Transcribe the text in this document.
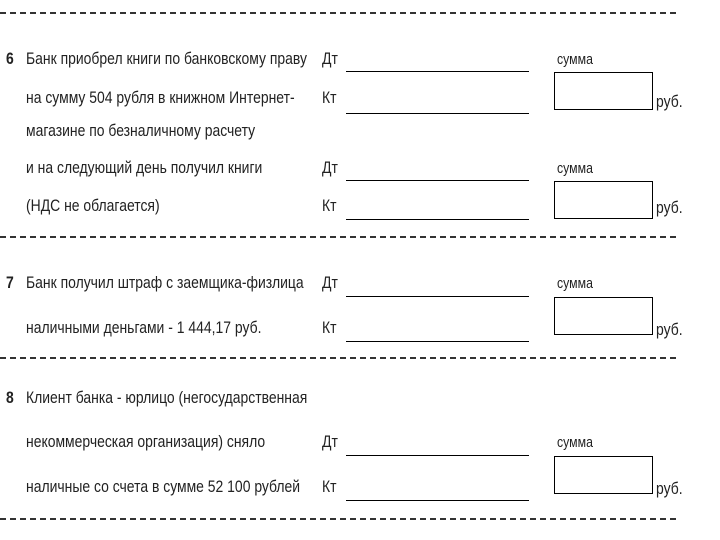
6 Банк приобрел книги по банковскому праву
на сумму 504 рубля в книжном Интернет-
магазине по безналичному расчету
и на следующий день получил книги
(НДС не облагается)
Дт	сумма
Кт	руб.
Дт	сумма
Кт	руб.
7 Банк получил штраф с заемщика-физлица
наличными деньгами - 1 444,17 руб.
Дт	сумма
Кт	руб.
8 Клиент банка - юрлицо (негосударственная
некоммерческая организация) сняло
наличные со счета в сумме 52 100 рублей
Дт	сумма
Кт	руб.
